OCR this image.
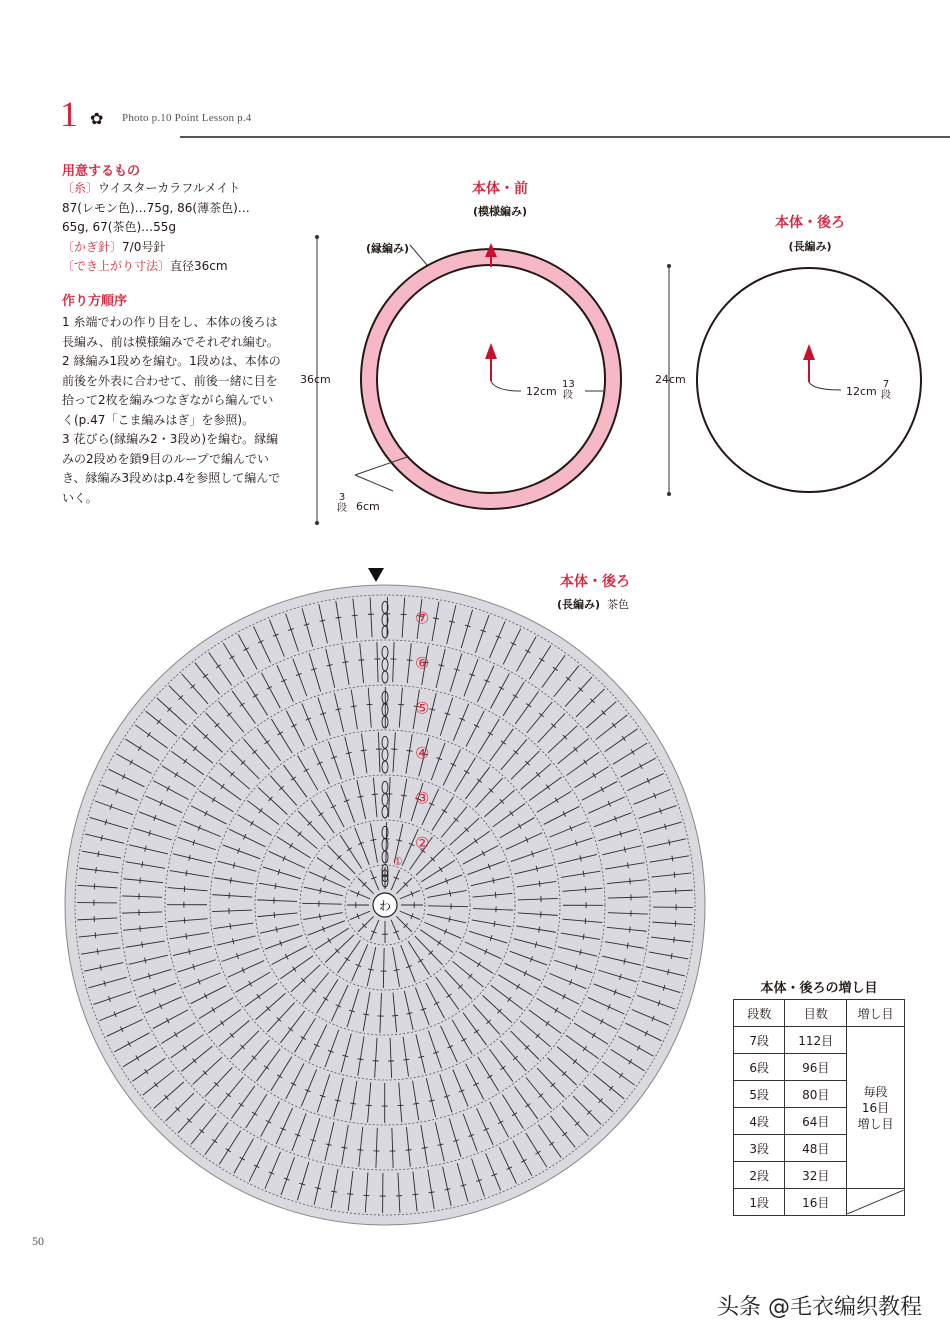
1 ✿ Photo p.10 Point Lesson p.4
用意するもの
〔糸〕ウイスターカラフルメイト
87(レモン色)…75g, 86(薄茶色)…
65g, 67(茶色)…55g
〔かぎ針〕7/0号針
〔でき上がり寸法〕直径36cm
作り方順序
1 糸端でわの作り目をし、本体の後ろは
長編み、前は模様編みでそれぞれ編む。
2 縁編み1段めを編む。1段めは、本体の
前後を外表に合わせて、前後一緒に目を
拾って2枚を編みつなぎながら編んでい
く(p.47「こま編みはぎ」を参照)。
3 花びら(縁編み2・3段め)を編む。縁編
みの2段めを鎖9目のループで編んでい
き、縁編み3段めはp.4を参照して編んで
いく。
本体・前
(模様編み)
(縁編み)
36cm
12cm
13段
3段 6cm
本体・後ろ
(長編み)
24cm
12cm
7段
本体・後ろ
(長編み) 茶色
わ
①
②
③
④
⑤
⑥
⑦
本体・後ろの増し目
段数	目数	増し目
7段	112目	毎段
16目
増し目

6段	96目	
5段	80目	
4段	64目	
3段	48目	
2段	32目	
1段	16目	
50
头条 @毛衣编织教程
